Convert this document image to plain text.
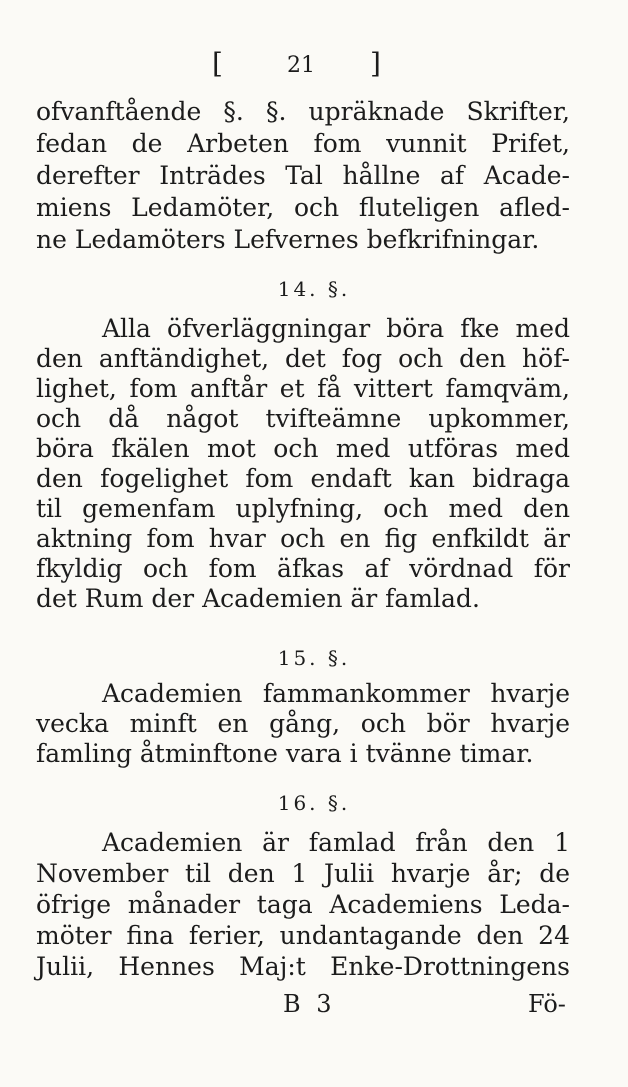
[	21 ]
ofvanftående §. §. upräknade Skrifter,
fedan de Arbeten fom vunnit Prifet,
derefter Inträdes Tal hållne af Acade-
miens Ledamöter, och fluteligen afled-
ne Ledamöters Lefvernes befkrifningar.
14. §.
Alla öfverläggningar böra fke med
den anftändighet, det fog och den höf-
lighet, fom anftår et få vittert famqväm,
och då något tvifteämne upkommer,
böra fkälen mot och med utföras med
den fogelighet fom endaft kan bidraga
til gemenfam uplyfning, och med den
aktning fom hvar och en fig enfkildt är
fkyldig och fom äfkas af vördnad för
det Rum der Academien är famlad.
15. §.
Academien fammankommer hvarje
vecka minft en gång, och bör hvarje
famling åtminftone vara i tvänne timar.
16. §.
Academien är famlad från den 1
November til den 1 Julii hvarje år; de
öfrige månader taga Academiens Leda-
möter fina ferier, undantagande den 24
Julii, Hennes Maj:t Enke-Drottningens
B 3	Fö-
